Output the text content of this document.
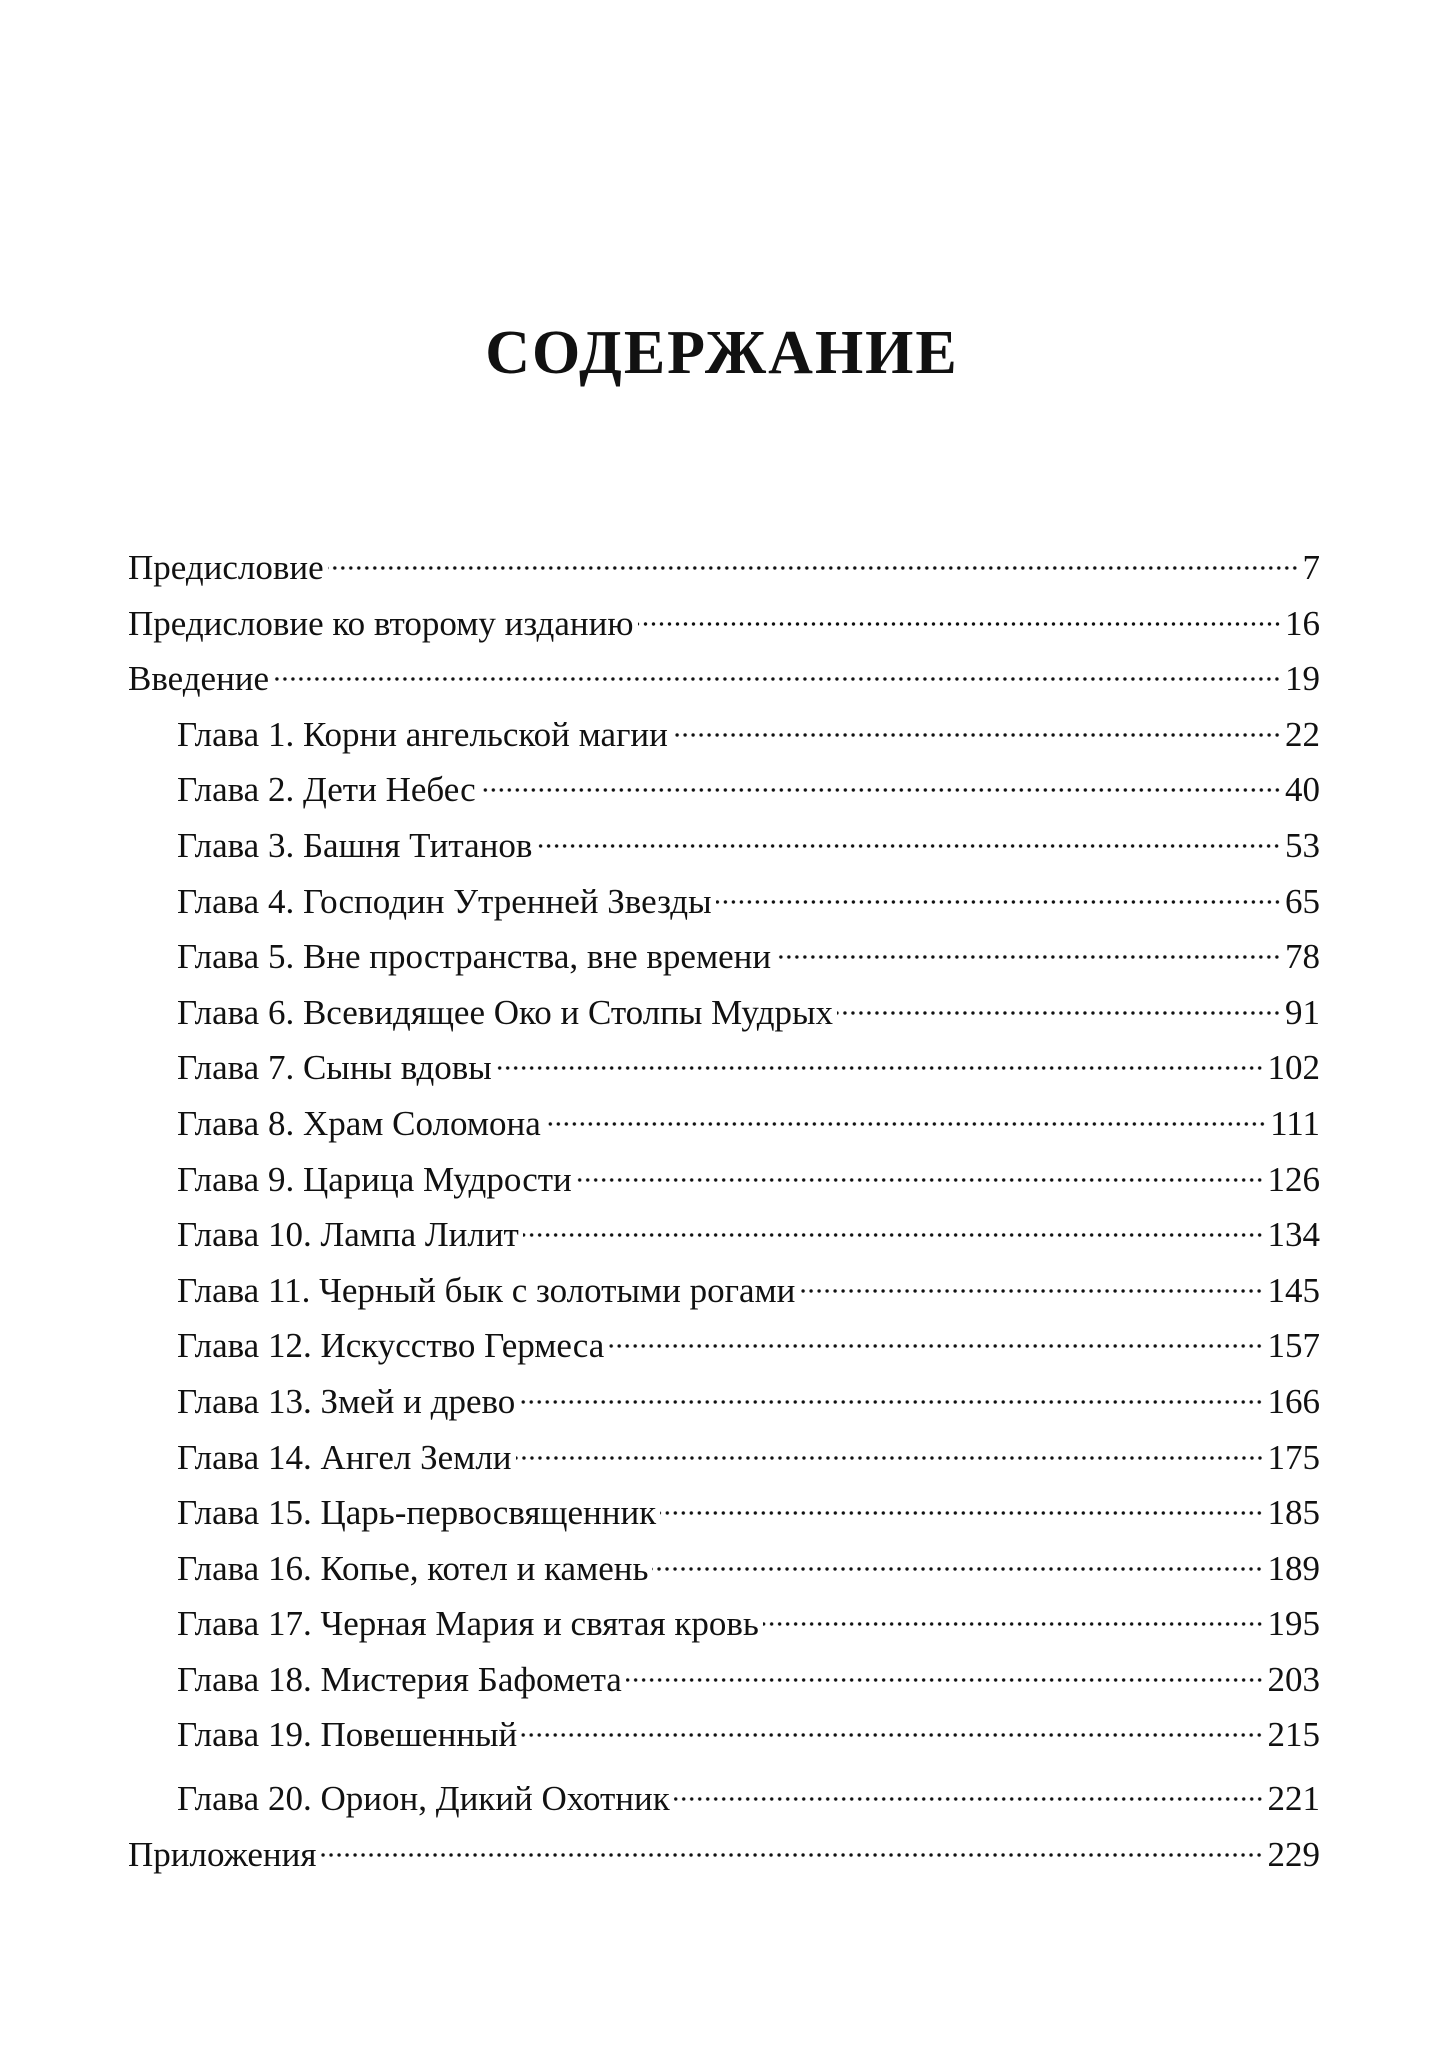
СОДЕРЖАНИЕ
Предисловие	7
Предисловие ко второму изданию	16
Введение	19
Глава 1. Корни ангельской магии	22
Глава 2. Дети Небес	40
Глава 3. Башня Титанов	53
Глава 4. Господин Утренней Звезды	65
Глава 5. Вне пространства, вне времени	78
Глава 6. Всевидящее Око и Столпы Мудрых	91
Глава 7. Сыны вдовы	102
Глава 8. Храм Соломона	111
Глава 9. Царица Мудрости	126
Глава 10. Лампа Лилит	134
Глава 11. Черный бык с золотыми рогами	145
Глава 12. Искусство Гермеса	157
Глава 13. Змей и древо	166
Глава 14. Ангел Земли	175
Глава 15. Царь-первосвященник	185
Глава 16. Копье, котел и камень	189
Глава 17. Черная Мария и святая кровь	195
Глава 18. Мистерия Бафомета	203
Глава 19. Повешенный	215
Глава 20. Орион, Дикий Охотник	221
Приложения	229
